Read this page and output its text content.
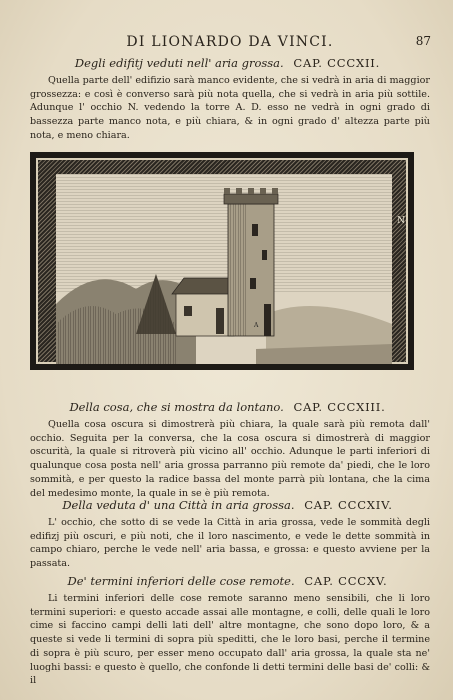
DI LIONARDO DA VINCI.	87
Degli edifitj veduti nell' aria grossa. CAP. CCCXII.

Quella parte dell' edifizio sarà manco evidente, che si vedrà in aria di maggior grossezza: e così è converso sarà più nota quella, che si vedrà in aria più sottile. Adunque l' occhio N. vedendo la torre A. D. esso ne vedrà in ogni grado di bassezza parte manco nota, e più chiara, & in ogni grado d' altezza parte più nota, e meno chiara.

A
N
Della cosa, che si mostra da lontano. CAP. CCCXIII.

Quella cosa oscura si dimostrerà più chiara, la quale sarà più remota dall' occhio. Seguita per la conversa, che la cosa oscura si dimostrerà di maggior oscurità, la quale si ritroverà più vicino all' occhio. Adunque le parti inferiori di qualunque cosa posta nell' aria grossa parranno più remote da' piedi, che le loro sommità, e per questo la radice bassa del monte parrà più lontana, che la cima del medesimo monte, la quale in se è più remota.

Della veduta d' una Città in aria grossa. CAP. CCCXIV.

L' occhio, che sotto di se vede la Città in aria grossa, vede le sommità degli edifizj più oscuri, e più noti, che il loro nascimento, e vede le dette sommità in campo chiaro, perche le vede nell' aria bassa, e grossa: e questo avviene per la passata.

De' termini inferiori delle cose remote. CAP. CCCXV.

Li termini inferiori delle cose remote saranno meno sensibili, che li loro termini superiori: e questo accade assai alle montagne, e colli, delle quali le loro cime si faccino campi delli lati dell' altre montagne, che sono dopo loro, & a queste si vede li termini di sopra più speditti, che le loro basi, perche il termine di sopra è più scuro, per esser meno occupato dall' aria grossa, la quale sta ne' luoghi bassi: e questo è quello, che confonde li detti termini delle basi de' colli: & il
